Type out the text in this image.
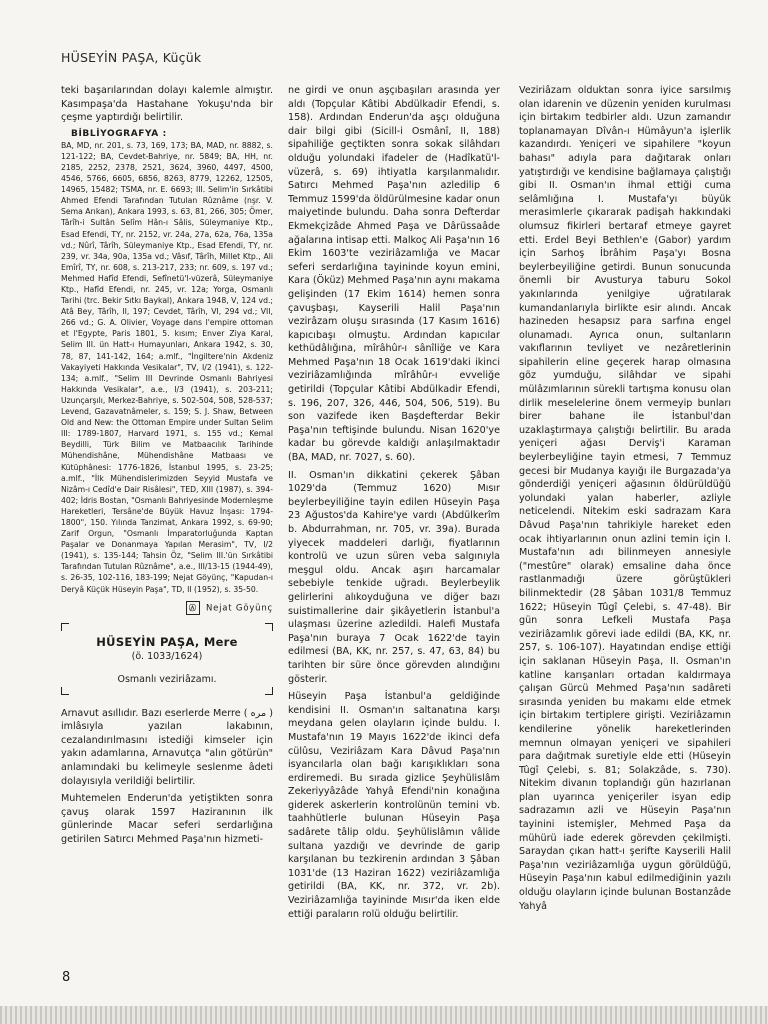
HÜSEYİN PAŞA, Küçük

teki başarılarından dolayı kalemle almıştır. Kasımpaşa'da Hastahane Yokuşu'nda bir çeşme yaptırdığı belirtilir.

BİBLİYOGRAFYA :

BA, MD, nr. 201, s. 73, 169, 173; BA, MAD, nr. 8882, s. 121-122; BA, Cevdet-Bahriye, nr. 5849; BA, HH, nr. 2185, 2252, 2378, 2521, 3624, 3960, 4497, 4500, 4546, 5766, 6605, 6856, 8263, 8779, 12262, 12505, 14965, 15482; TSMA, nr. E. 6693; III. Selim'in Sırkâtibi Ahmed Efendi Tarafından Tutulan Rûznâme (nşr. V. Sema Arıkan), Ankara 1993, s. 63, 81, 266, 305; Ömer, Târîh-i Sultân Selîm Hân-ı Sâlis, Süleymaniye Ktp., Esad Efendi, TY, nr. 2152, vr. 24a, 27a, 62a, 76a, 135a vd.; Nûrî, Târîh, Süleymaniye Ktp., Esad Efendi, TY, nr. 239, vr. 34a, 90a, 135a vd.; Vâsıf, Târîh, Millet Ktp., Ali Emîrî, TY, nr. 608, s. 213-217, 233; nr. 609, s. 197 vd.; Mehmed Hafîd Efendi, Sefînetü'l-vüzerâ, Süleymaniye Ktp., Hafîd Efendi, nr. 245, vr. 12a; Yorga, Osmanlı Tarihi (trc. Bekir Sıtkı Baykal), Ankara 1948, V, 124 vd.; Atâ Bey, Târîh, II, 197; Cevdet, Târîh, VI, 294 vd.; VII, 266 vd.; G. A. Olivier, Voyage dans l'empire ottoman et l'Egypte, Paris 1801, 5. kısım; Enver Ziya Karal, Selim III. ün Hatt-ı Humayunları, Ankara 1942, s. 30, 78, 87, 141-142, 164; a.mlf., "İngiltere'nin Akdeniz Vakayiyeti Hakkında Vesikalar", TV, I/2 (1941), s. 122-134; a.mlf., "Selim III Devrinde Osmanlı Bahriyesi Hakkında Vesikalar", a.e., I/3 (1941), s. 203-211; Uzunçarşılı, Merkez-Bahriye, s. 502-504, 508, 528-537; Levend, Gazavatnâmeler, s. 159; S. J. Shaw, Between Old and New: the Ottoman Empire under Sultan Selim III: 1789-1807, Harvard 1971, s. 155 vd.; Kemal Beydilli, Türk Bilim ve Matbaacılık Tarihinde Mühendishâne, Mühendishâne Matbaası ve Kütüphânesi: 1776-1826, İstanbul 1995, s. 23-25; a.mlf., "İlk Mühendislerimizden Seyyid Mustafa ve Nizâm-ı Cedîd'e Dair Risâlesi", TED, XIII (1987), s. 394-402; İdris Bostan, "Osmanlı Bahriyesinde Modernleşme Hareketleri, Tersâne'de Büyük Havuz İnşası: 1794-1800", 150. Yılında Tanzimat, Ankara 1992, s. 69-90; Zarif Orgun, "Osmanlı İmparatorluğunda Kaptan Paşalar ve Donanmaya Yapılan Merasim", TV, I/2 (1941), s. 135-144; Tahsin Öz, "Selim III.'ün Sırkâtibi Tarafından Tutulan Rûznâme", a.e., III/13-15 (1944-49), s. 26-35, 102-116, 183-199; Nejat Göyünç, "Kapudan-ı Deryâ Küçük Hüseyin Paşa", TD, II (1952), s. 35-50.

Ⓐ Nejat Göyünç
HÜSEYİN PAŞA, Mere
(ö. 1033/1624)
Osmanlı veziriâzamı.

Arnavut asıllıdır. Bazı eserlerde Merre ( مره ) imlâsıyla yazılan lakabının, cezalandırılmasını istediği kimseler için yakın adamlarına, Arnavutça "alın götürün" anlamındaki bu kelimeyle seslenme âdeti dolayısıyla verildiği belirtilir.

Muhtemelen Enderun'da yetiştikten sonra çavuş olarak 1597 Haziranının ilk günlerinde Macar seferi serdarlığına getirilen Satırcı Mehmed Paşa'nın hizmeti-

ne girdi ve onun aşçıbaşıları arasında yer aldı (Topçular Kâtibi Abdülkadir Efendi, s. 158). Ardından Enderun'da aşçı olduğuna dair bilgi gibi (Sicill-i Osmânî, II, 188) sipahiliğe geçtikten sonra sokak silâhdarı olduğu yolundaki ifadeler de (Hadîkatü'l-vüzerâ, s. 69) ihtiyatla karşılanmalıdır. Satırcı Mehmed Paşa'nın azledilip 6 Temmuz 1599'da öldürülmesine kadar onun maiyetinde bulundu. Daha sonra Defterdar Ekmekçizâde Ahmed Paşa ve Dârüssaâde ağalarına intisap etti. Malkoç Ali Paşa'nın 16 Ekim 1603'te veziriâzamlığa ve Macar seferi serdarlığına tayininde koyun emini, Kara (Öküz) Mehmed Paşa'nın aynı makama gelişinden (17 Ekim 1614) hemen sonra çavuşbaşı, Kayserili Halil Paşa'nın vezirâzam oluşu sırasında (17 Kasım 1616) kapıcıbaşı olmuştu. Ardından kapıcılar kethüdâlığına, mîrâhûr-ı sânîliğe ve Kara Mehmed Paşa'nın 18 Ocak 1619'daki ikinci veziriâzamlığında mîrâhûr-ı evveliğe getirildi (Topçular Kâtibi Abdülkadir Efendi, s. 196, 207, 326, 446, 504, 506, 519). Bu son vazifede iken Başdefterdar Bekir Paşa'nın teftişinde bulundu. Nisan 1620'ye kadar bu görevde kaldığı anlaşılmaktadır (BA, MAD, nr. 7027, s. 60).

II. Osman'ın dikkatini çekerek Şâban 1029'da (Temmuz 1620) Mısır beylerbeyiliğine tayin edilen Hüseyin Paşa 23 Ağustos'da Kahire'ye vardı (Abdülkerîm b. Abdurrahman, nr. 705, vr. 39a). Burada yiyecek maddeleri darlığı, fiyatlarının kontrolü ve uzun süren veba salgınıyla meşgul oldu. Ancak aşırı harcamalar sebebiyle tenkide uğradı. Beylerbeylik gelirlerini alıkoyduğuna ve diğer bazı suistimallerine dair şikâyetlerin İstanbul'a ulaşması üzerine azledildi. Halefi Mustafa Paşa'nın buraya 7 Ocak 1622'de tayin edilmesi (BA, KK, nr. 257, s. 47, 63, 84) bu tarihten bir süre önce görevden alındığını gösterir.

Hüseyin Paşa İstanbul'a geldiğinde kendisini II. Osman'ın saltanatına karşı meydana gelen olayların içinde buldu. I. Mustafa'nın 19 Mayıs 1622'de ikinci defa cülûsu, Veziriâzam Kara Dâvud Paşa'nın isyancılarla olan bağı karışıklıkları sona erdiremedi. Bu sırada gizlice Şeyhülislâm Zekeriyyâzâde Yahyâ Efendi'nin konağına giderek askerlerin kontrolünün temini vb. taahhütlerle bulunan Hüseyin Paşa sadârete tâlip oldu. Şeyhülislâmın vâlide sultana yazdığı ve devrinde de garip karşılanan bu tezkirenin ardından 3 Şâban 1031'de (13 Haziran 1622) veziriâzamlığa getirildi (BA, KK, nr. 372, vr. 2b). Veziriâzamlığa tayininde Mısır'da iken elde ettiği paraların rolü olduğu belirtilir.

Veziriâzam olduktan sonra iyice sarsılmış olan idarenin ve düzenin yeniden kurulması için birtakım tedbirler aldı. Uzun zamandır toplanamayan Dîvân-ı Hümâyun'a işlerlik kazandırdı. Yeniçeri ve sipahilere "koyun bahası" adıyla para dağıtarak onları yatıştırdığı ve kendisine bağlamaya çalıştığı gibi II. Osman'ın ihmal ettiği cuma selâmlığına I. Mustafa'yı büyük merasimlerle çıkararak padişah hakkındaki olumsuz fikirleri bertaraf etmeye gayret etti. Erdel Beyi Bethlen'e (Gabor) yardım için Sarhoş İbrâhim Paşa'yı Bosna beylerbeyiliğine getirdi. Bunun sonucunda önemli bir Avusturya taburu Sokol yakınlarında yenilgiye uğratılarak kumandanlarıyla birlikte esir alındı. Ancak hazineden hesapsız para sarfına engel olunamadı. Ayrıca onun, sultanların vakıflarının tevliyet ve nezâretlerinin sipahilerin eline geçerek harap olmasına göz yumduğu, silâhdar ve sipahi mülâzımlarının sürekli tartışma konusu olan dirlik meselelerine önem vermeyip bunları birer bahane ile İstanbul'dan uzaklaştırmaya çalıştığı belirtilir. Bu arada yeniçeri ağası Derviş'i Karaman beylerbeyliğine tayin etmesi, 7 Temmuz gecesi bir Mudanya kayığı ile Burgazada'ya gönderdiği yeniçeri ağasının öldürüldüğü yolundaki yalan haberler, azliyle neticelendi. Nitekim eski sadrazam Kara Dâvud Paşa'nın tahrikiyle hareket eden ocak ihtiyarlarının onun azlini temin için I. Mustafa'nın adı bilinmeyen annesiyle ("mestûre" olarak) emsaline daha önce rastlanmadığı üzere görüştükleri bilinmektedir (28 Şâban 1031/8 Temmuz 1622; Hüseyin Tûgî Çelebi, s. 47-48). Bir gün sonra Lefkeli Mustafa Paşa veziriâzamlık görevi iade edildi (BA, KK, nr. 257, s. 106-107). Hayatından endişe ettiği için saklanan Hüseyin Paşa, II. Osman'ın katline karışanları ortadan kaldırmaya çalışan Gürcü Mehmed Paşa'nın sadâreti sırasında yeniden bu makamı elde etmek için birtakım tertiplere girişti. Veziriâzamın kendilerine yönelik hareketlerinden memnun olmayan yeniçeri ve sipahileri para dağıtmak suretiyle elde etti (Hüseyin Tûgî Çelebi, s. 81; Solakzâde, s. 730). Nitekim divanın toplandığı gün hazırlanan plan uyarınca yeniçeriler isyan edip sadrazamın azli ve Hüseyin Paşa'nın tayinini istemişler, Mehmed Paşa da mühürü iade ederek görevden çekilmişti. Saraydan çıkan hatt-ı şerifte Kayserili Halil Paşa'nın veziriâzamlığa uygun görüldüğü, Hüseyin Paşa'nın kabul edilmediğinin yazılı olduğu olayların içinde bulunan Bostanzâde Yahyâ

8
